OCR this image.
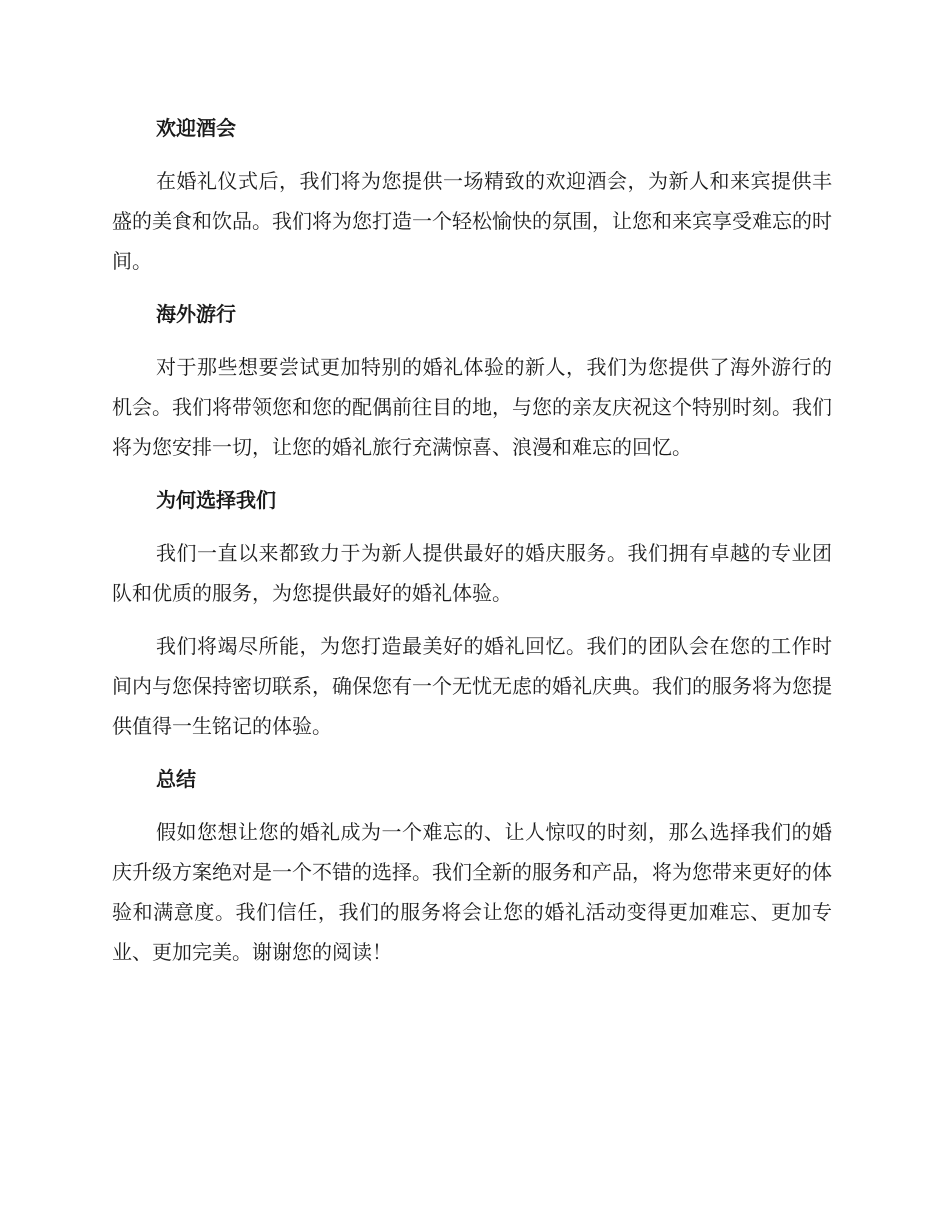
欢迎酒会

在婚礼仪式后，我们将为您提供一场精致的欢迎酒会，为新人和来宾提供丰盛的美食和饮品。我们将为您打造一个轻松愉快的氛围，让您和来宾享受难忘的时间。

海外游行

对于那些想要尝试更加特别的婚礼体验的新人，我们为您提供了海外游行的机会。我们将带领您和您的配偶前往目的地，与您的亲友庆祝这个特别时刻。我们将为您安排一切，让您的婚礼旅行充满惊喜、浪漫和难忘的回忆。

为何选择我们

我们一直以来都致力于为新人提供最好的婚庆服务。我们拥有卓越的专业团队和优质的服务，为您提供最好的婚礼体验。

我们将竭尽所能，为您打造最美好的婚礼回忆。我们的团队会在您的工作时间内与您保持密切联系，确保您有一个无忧无虑的婚礼庆典。我们的服务将为您提供值得一生铭记的体验。

总结

假如您想让您的婚礼成为一个难忘的、让人惊叹的时刻，那么选择我们的婚庆升级方案绝对是一个不错的选择。我们全新的服务和产品，将为您带来更好的体验和满意度。我们信任，我们的服务将会让您的婚礼活动变得更加难忘、更加专业、更加完美。谢谢您的阅读！
